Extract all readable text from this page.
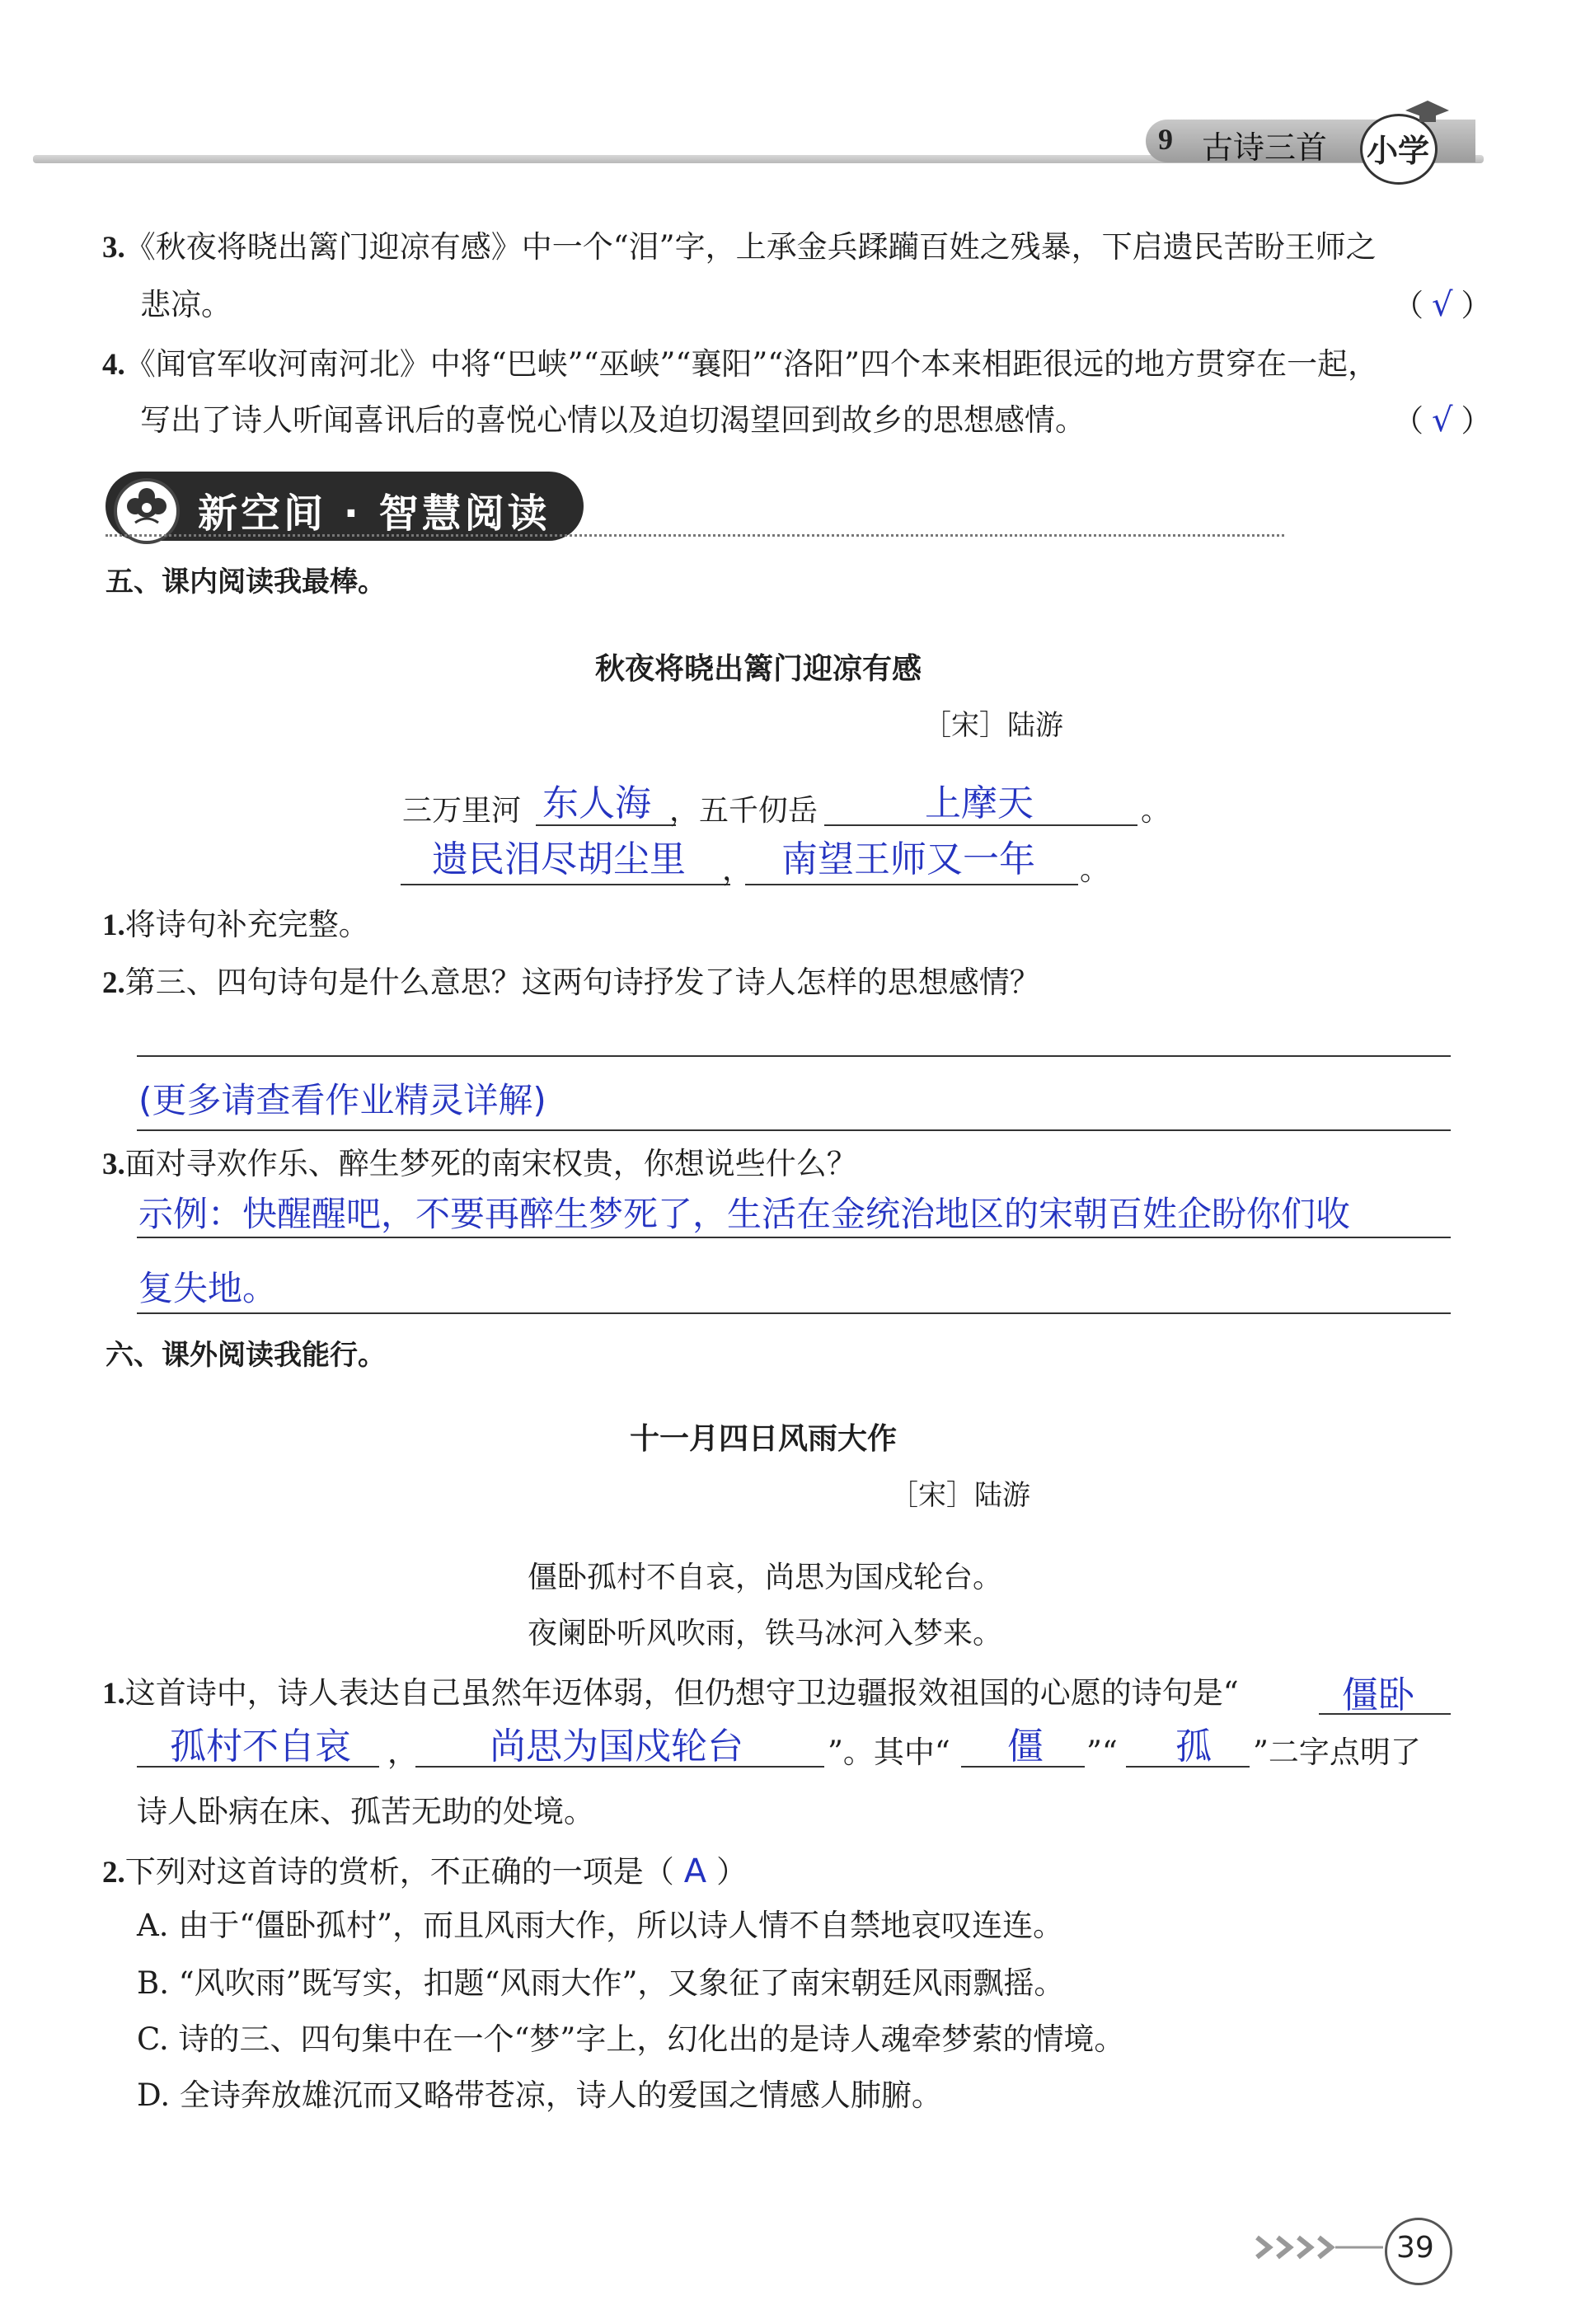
9 古诗三首 小学
3.《秋夜将晓出篱门迎凉有感》中一个“泪”字，上承金兵蹂躏百姓之残暴，下启遗民苦盼王师之
悲凉。	（ √ ）
4.《闻官军收河南河北》中将“巴峡”“巫峡”“襄阳”“洛阳”四个本来相距很远的地方贯穿在一起，
写出了诗人听闻喜讯后的喜悦心情以及迫切渴望回到故乡的思想感情。	（ √ ）
新空间 · 智慧阅读
五、课内阅读我最棒。
秋夜将晓出篱门迎凉有感
［宋］陆游
三万里河 东人海 ，五千仞岳	上摩天	。
遗民泪尽胡尘里 ， 南望王师又一年 。
1.将诗句补充完整。
2.第三、四句诗句是什么意思？这两句诗抒发了诗人怎样的思想感情？
(更多请查看作业精灵详解)
3.面对寻欢作乐、醉生梦死的南宋权贵，你想说些什么？
示例：快醒醒吧，不要再醉生梦死了，生活在金统治地区的宋朝百姓企盼你们收
复失地。
六、课外阅读我能行。
十一月四日风雨大作
［宋］陆游
僵卧孤村不自哀，尚思为国戍轮台。
夜阑卧听风吹雨，铁马冰河入梦来。
1.这首诗中，诗人表达自己虽然年迈体弱，但仍想守卫边疆报效祖国的心愿的诗句是“	僵卧
孤村不自哀 ， 尚思为国戍轮台	”。其中“ 僵 ”“ 孤 ”二字点明了
诗人卧病在床、孤苦无助的处境。
2.下列对这首诗的赏析，不正确的一项是（ A ）
A. 由于“僵卧孤村”，而且风雨大作，所以诗人情不自禁地哀叹连连。
B. “风吹雨”既写实，扣题“风雨大作”，又象征了南宋朝廷风雨飘摇。
C. 诗的三、四句集中在一个“梦”字上，幻化出的是诗人魂牵梦萦的情境。
D. 全诗奔放雄沉而又略带苍凉，诗人的爱国之情感人肺腑。
39
